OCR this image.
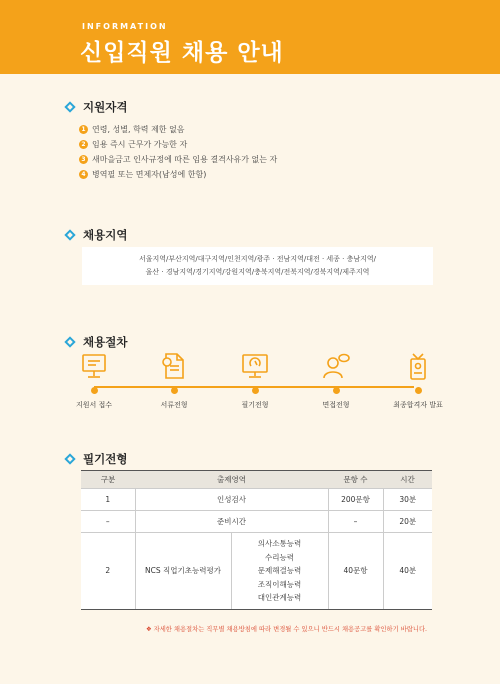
INFORMATION
신입직원 채용 안내
지원자격
1 연령, 성별, 학력 제한 없음
2 임용 즉시 근무가 가능한 자
3 새마을금고 인사규정에 따른 임용 결격사유가 없는 자
4 병역필 또는 면제자(남성에 한함)
채용지역
서울지역/부산지역/대구지역/인천지역/광주 · 전남지역/대전 · 세종 · 충남지역/
울산 · 경남지역/경기지역/강원지역/충북지역/전북지역/경북지역/제주지역
채용절차
지원서 접수	서류전형	필기전형	면접전형	최종합격자 발표
필기전형
구분	출제영역		문항 수	시간
1	인성검사		200문항	30분
–	준비시간		–	20분
2	NCS 직업기초능력평가	의사소통능력
수리능력
문제해결능력
조직이해능력
대인관계능력	40문항	40분
❖ 자세한 채용절차는 직무별 채용방침에 따라 변경될 수 있으니 반드시 채용공고를 확인하기 바랍니다.
